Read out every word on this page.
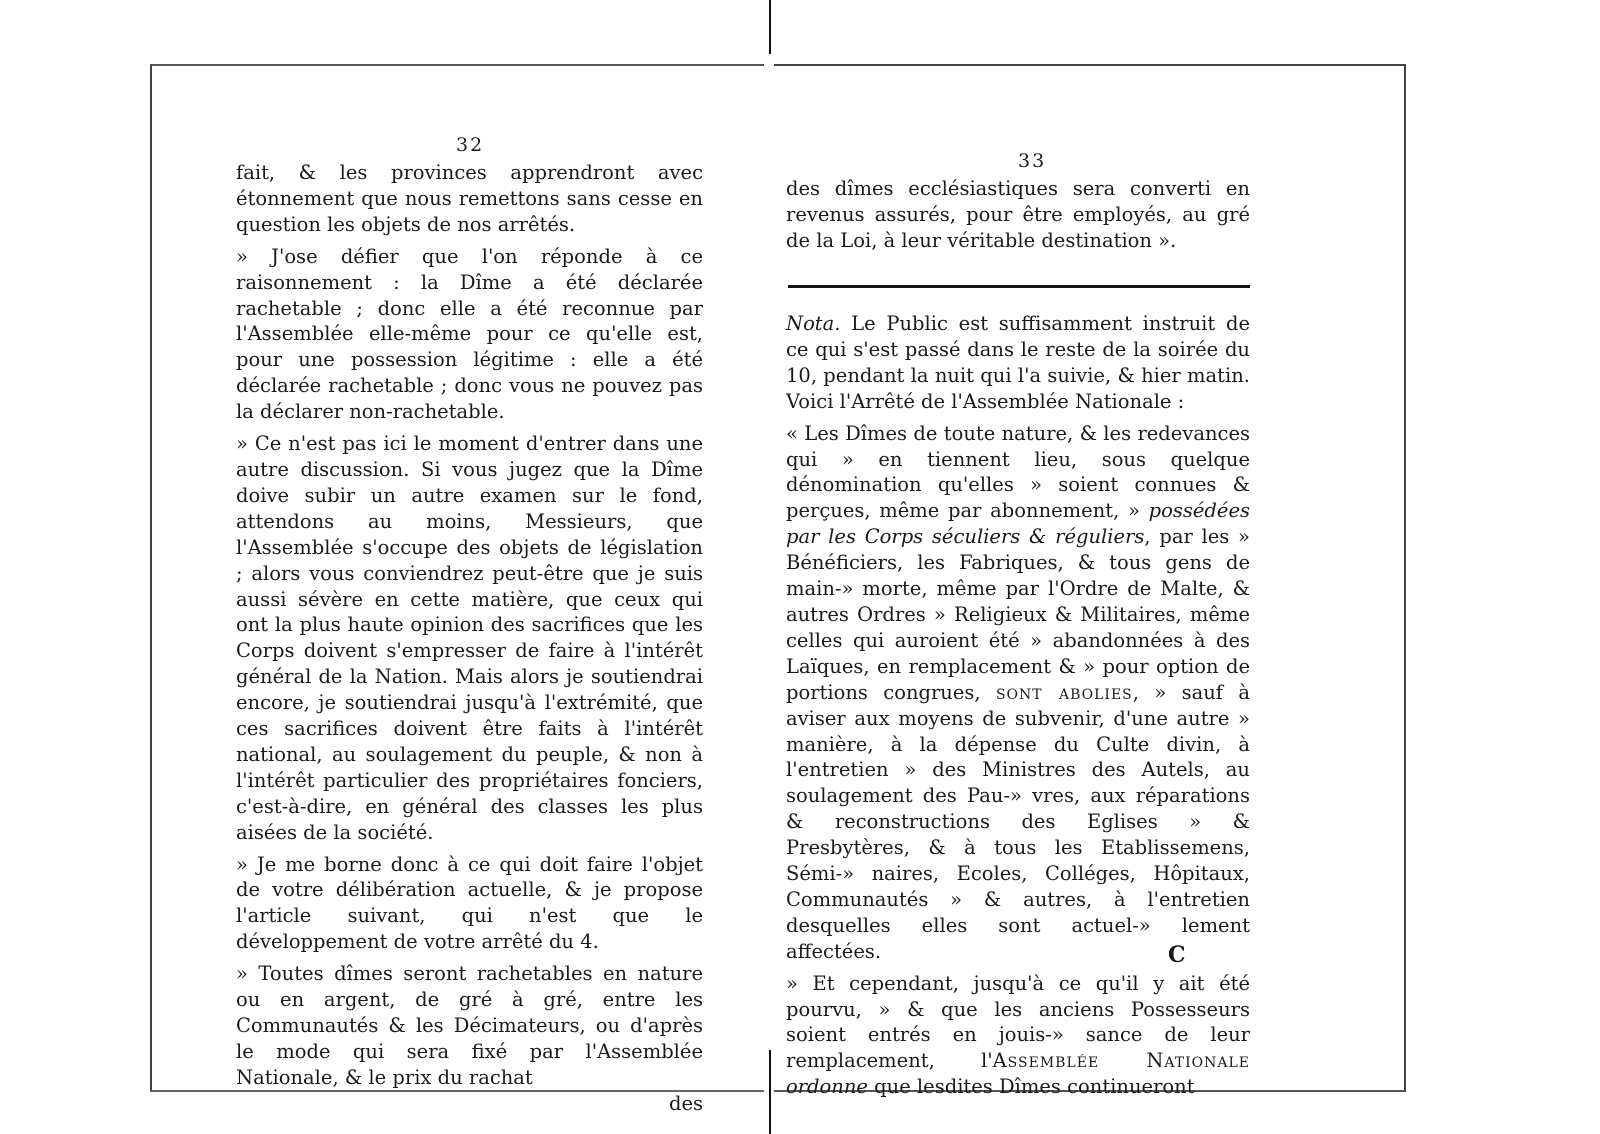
32

fait, & les provinces apprendront avec étonnement que nous remettons sans cesse en question les objets de nos arrêtés.

» J'ose défier que l'on réponde à ce raisonnement : la Dîme a été déclarée rachetable ; donc elle a été reconnue par l'Assemblée elle-même pour ce qu'elle est, pour une possession légitime : elle a été déclarée rachetable ; donc vous ne pouvez pas la déclarer non-rachetable.

» Ce n'est pas ici le moment d'entrer dans une autre discussion. Si vous jugez que la Dîme doive subir un autre examen sur le fond, attendons au moins, Messieurs, que l'Assemblée s'occupe des objets de législation ; alors vous conviendrez peut-être que je suis aussi sévère en cette matière, que ceux qui ont la plus haute opinion des sacrifices que les Corps doivent s'empresser de faire à l'intérêt général de la Nation. Mais alors je soutiendrai encore, je soutiendrai jusqu'à l'extrémité, que ces sacrifices doivent être faits à l'intérêt national, au soulagement du peuple, & non à l'intérêt particulier des propriétaires fonciers, c'est-à-dire, en général des classes les plus aisées de la société.

» Je me borne donc à ce qui doit faire l'objet de votre délibération actuelle, & je propose l'article suivant, qui n'est que le développement de votre arrêté du 4.

» Toutes dîmes seront rachetables en nature ou en argent, de gré à gré, entre les Communautés & les Décimateurs, ou d'après le mode qui sera fixé par l'Assemblée Nationale, & le prix du rachat

des
33

des dîmes ecclésiastiques sera converti en revenus assurés, pour être employés, au gré de la Loi, à leur véritable destination ».

Nota. Le Public est suffisamment instruit de ce qui s'est passé dans le reste de la soirée du 10, pendant la nuit qui l'a suivie, & hier matin. Voici l'Arrêté de l'Assemblée Nationale :

« Les Dîmes de toute nature, & les redevances qui » en tiennent lieu, sous quelque dénomination qu'elles » soient connues & perçues, même par abonnement, » possédées par les Corps séculiers & réguliers, par les » Bénéficiers, les Fabriques, & tous gens de main-» morte, même par l'Ordre de Malte, & autres Ordres » Religieux & Militaires, même celles qui auroient été » abandonnées à des Laïques, en remplacement & » pour option de portions congrues, sont abolies, » sauf à aviser aux moyens de subvenir, d'une autre » manière, à la dépense du Culte divin, à l'entretien » des Ministres des Autels, au soulagement des Pau-» vres, aux réparations & reconstructions des Eglises » & Presbytères, & à tous les Etablissemens, Sémi-» naires, Ecoles, Colléges, Hôpitaux, Communautés » & autres, à l'entretien desquelles elles sont actuel-» lement affectées.

» Et cependant, jusqu'à ce qu'il y ait été pourvu, » & que les anciens Possesseurs soient entrés en jouis-» sance de leur remplacement, l'Assemblée Nationale ordonne que lesdites Dîmes continueront

C
